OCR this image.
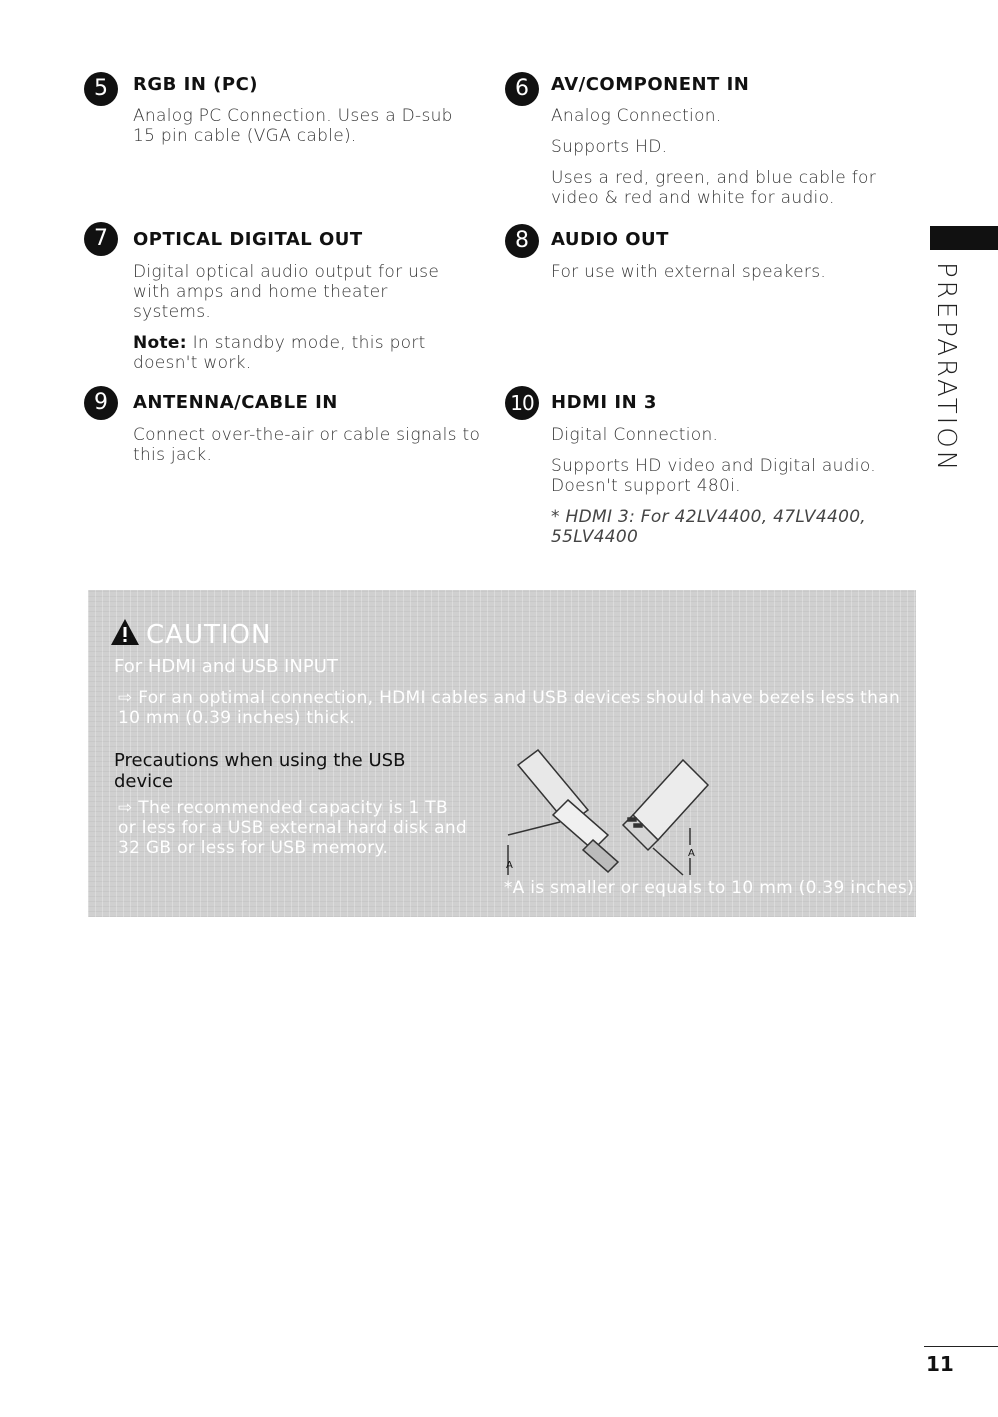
5	RGB IN (PC)

Analog PC Connection. Uses a D-sub 15 pin cable (VGA cable).

6	AV/COMPONENT IN

Analog Connection.

Supports HD.

Uses a red, green, and blue cable for video & red and white for audio.

7	OPTICAL DIGITAL OUT

Digital optical audio output for use with amps and home theater systems.

Note: In standby mode, this port doesn't work.

8	AUDIO OUT

For use with external speakers.

9	ANTENNA/CABLE IN

Connect over-the-air or cable signals to this jack.

10 HDMI IN 3

Digital Connection.

Supports HD video and Digital audio. Doesn't support 480i.

* HDMI 3: For 42LV4400, 47LV4400, 55LV4400

PREPARATION
CAUTION
For HDMI and USB INPUT
⇨ For an optimal connection, HDMI cables and USB devices should have bezels less than 10 mm (0.39 inches) thick.
Precautions when using the USB device
⇨ The recommended capacity is 1 TB or less for a USB external hard disk and 32 GB or less for USB memory.
A
A
*A is smaller or equals to 10 mm (0.39 inches)
11
